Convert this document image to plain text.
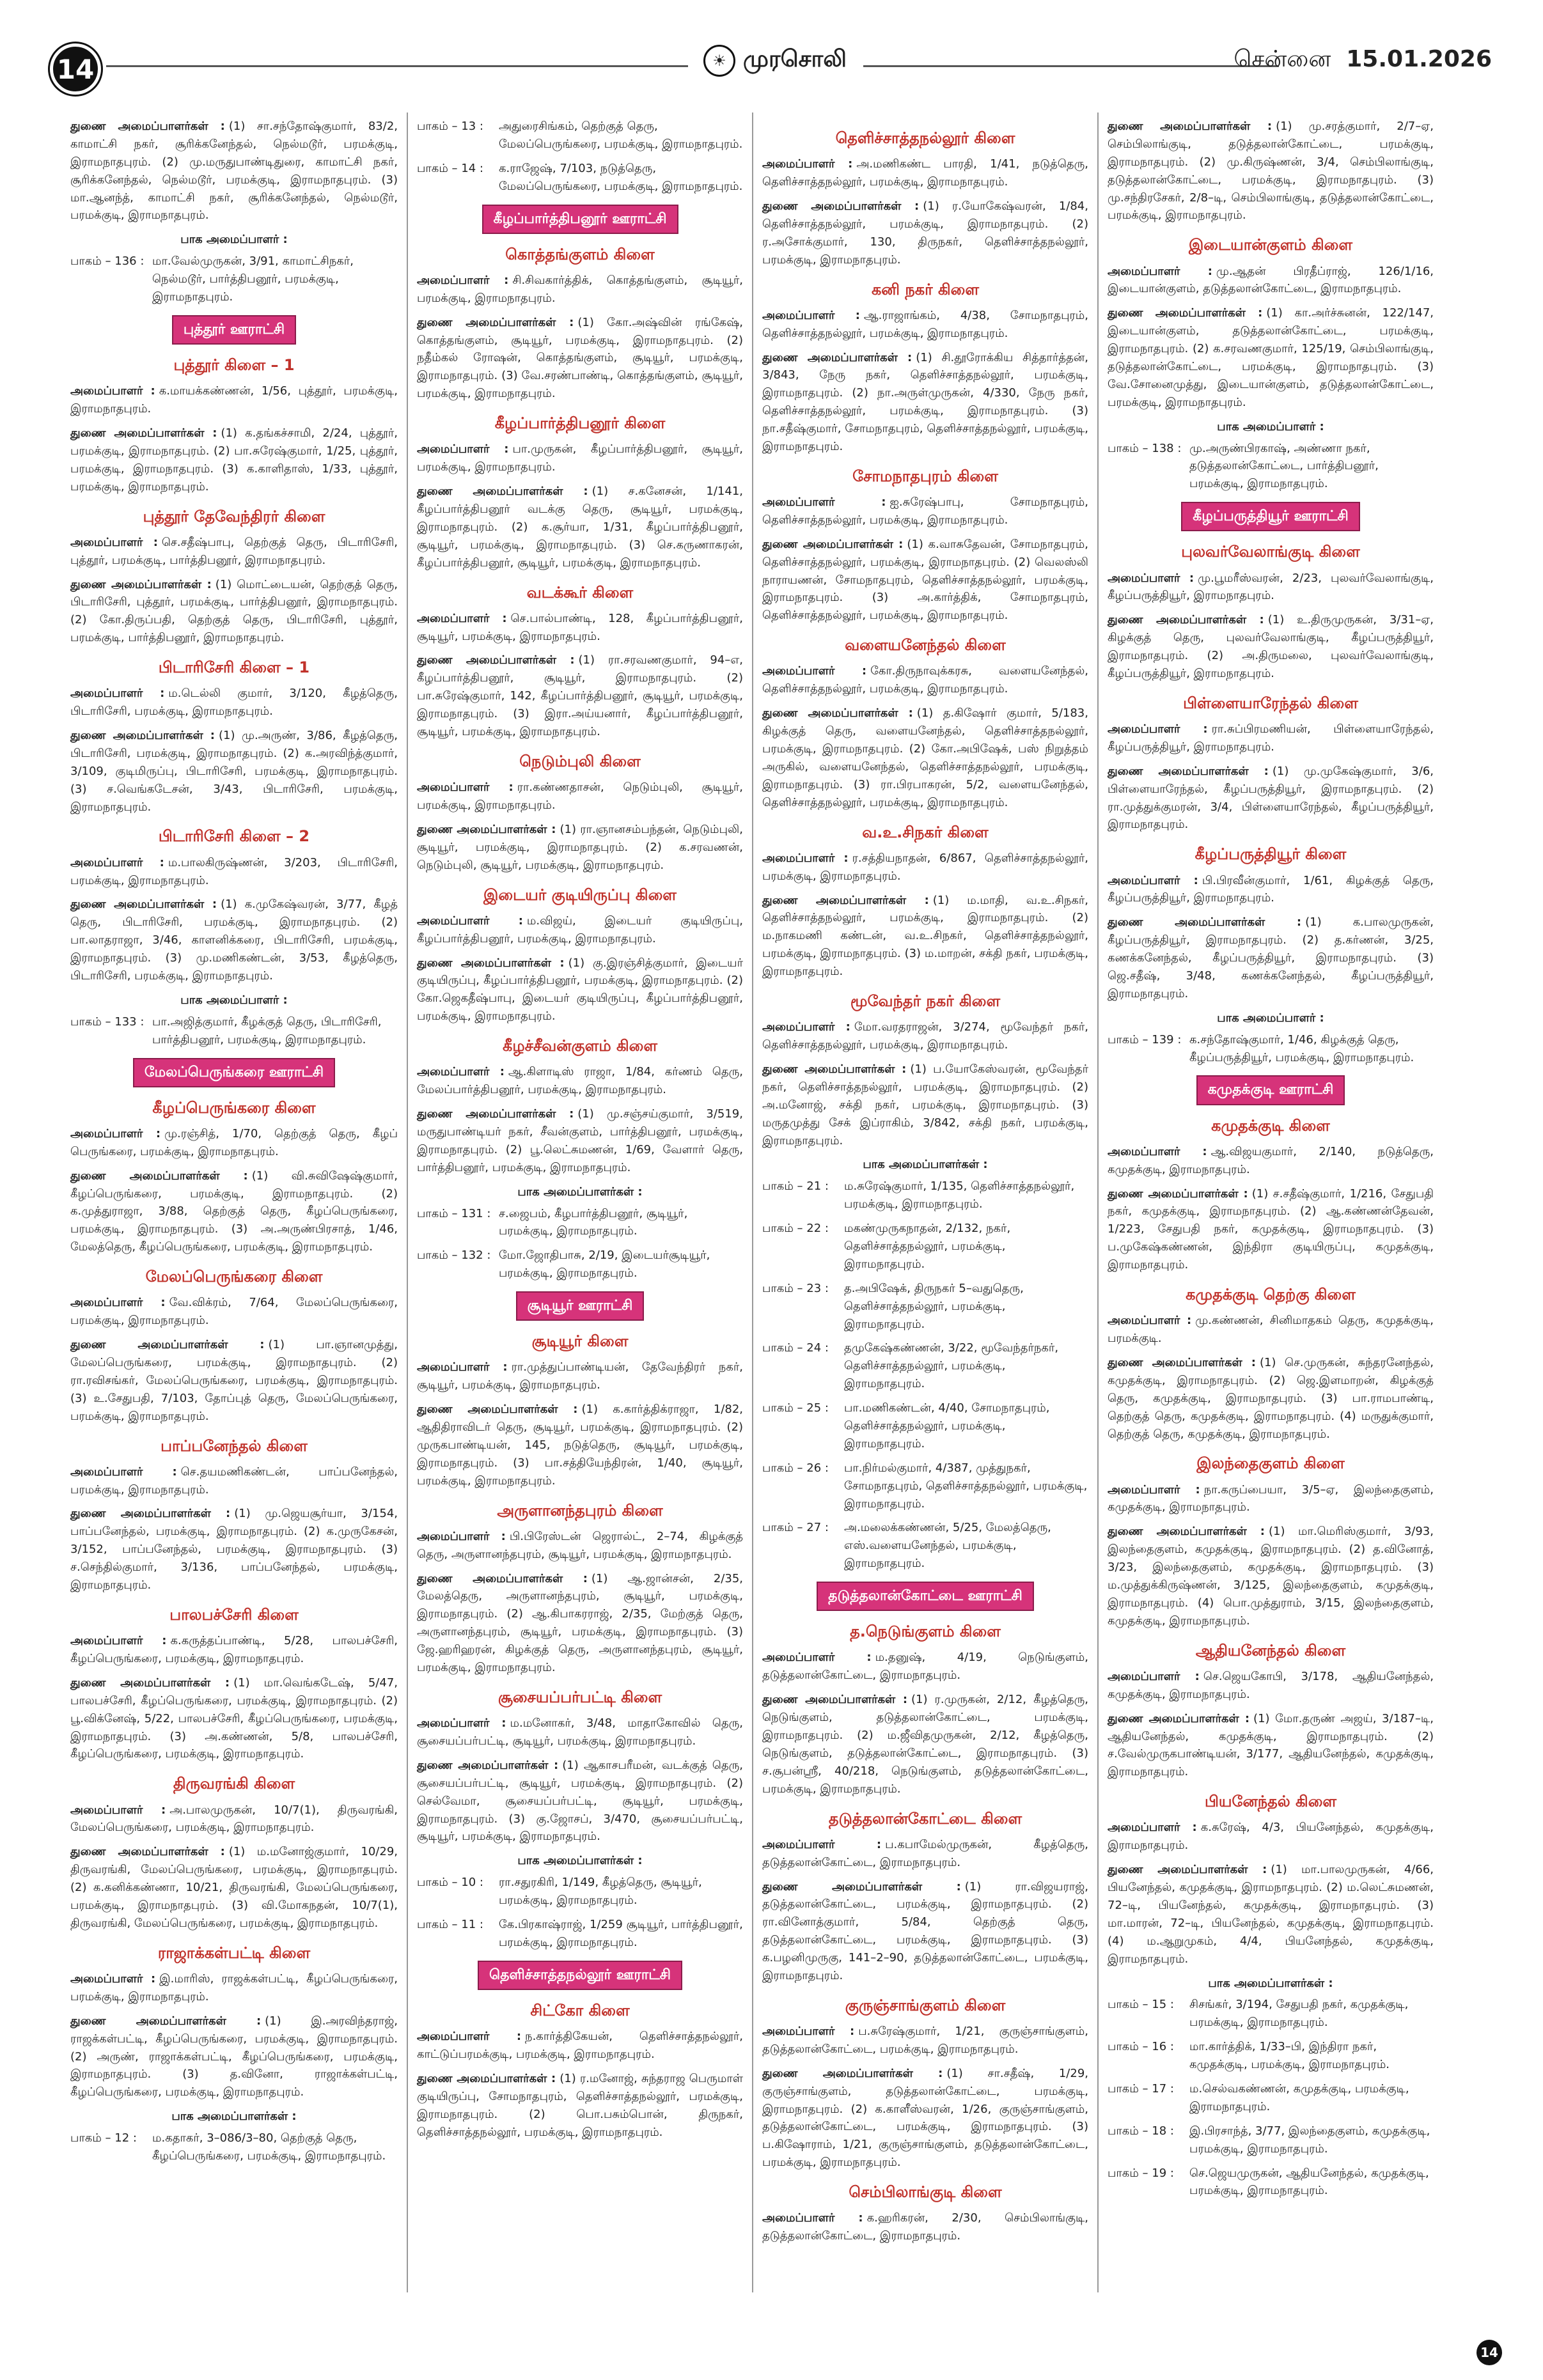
14	☀ முரசொலி	சென்னை 15.01.2026

துணை அமைப்பாளர்கள் : (1) சா.சந்தோஷ்குமார், 83/2, காமாட்சி நகர், சூரிக்கனேந்தல், நெல்மடூர், பரமக்குடி, இராமநாதபுரம். (2) மு.மருதுபாண்டிதுரை, காமாட்சி நகர், சூரிக்கனேந்தல், நெல்மடூர், பரமக்குடி, இராமநாதபுரம். (3) மா.ஆனந்த், காமாட்சி நகர், சூரிக்கனேந்தல், நெல்மடூர், பரமக்குடி, இராமநாதபுரம்.

பாக அமைப்பாளர் :
பாகம் – 136 : மா.வேல்முருகன், 3/91, காமாட்சிநகர், நெல்மடூர், பார்த்திபனூர், பரமக்குடி, இராமநாதபுரம்.
புத்தூர் ஊராட்சி
புத்தூர் கிளை – 1

அமைப்பாளர் : க.மாயக்கண்ணன், 1/56, புத்தூர், பரமக்குடி, இராமநாதபுரம்.

துணை அமைப்பாளர்கள் : (1) க.தங்கச்சாமி, 2/24, புத்தூர், பரமக்குடி, இராமநாதபுரம். (2) பா.சுரேஷ்குமார், 1/25, புத்தூர், பரமக்குடி, இராமநாதபுரம். (3) க.காளிதாஸ், 1/33, புத்தூர், பரமக்குடி, இராமநாதபுரம்.

புத்தூர் தேவேந்திரர் கிளை

அமைப்பாளர் : செ.சதீஷ்பாபு, தெற்குத் தெரு, பிடாரிசேரி, புத்தூர், பரமக்குடி, பார்த்திபனூர், இராமநாதபுரம்.

துணை அமைப்பாளர்கள் : (1) மொட்டையன், தெற்குத் தெரு, பிடாரிசேரி, புத்தூர், பரமக்குடி, பார்த்திபனூர், இராமநாதபுரம். (2) கோ.திருப்பதி, தெற்குத் தெரு, பிடாரிசேரி, புத்தூர், பரமக்குடி, பார்த்திபனூர், இராமநாதபுரம்.

பிடாரிசேரி கிளை – 1

அமைப்பாளர் : ம.டெல்லி குமார், 3/120, கீழத்தெரு, பிடாரிசேரி, பரமக்குடி, இராமநாதபுரம்.

துணை அமைப்பாளர்கள் : (1) மு.அருண், 3/86, கீழத்தெரு, பிடாரிசேரி, பரமக்குடி, இராமநாதபுரம். (2) க.அரவிந்த்குமார், 3/109, குடிமிருப்பு, பிடாரிசேரி, பரமக்குடி, இராமநாதபுரம். (3) ச.வெங்கடேசன், 3/43, பிடாரிசேரி, பரமக்குடி, இராமநாதபுரம்.

பிடாரிசேரி கிளை – 2

அமைப்பாளர் : ம.பாலகிருஷ்ணன், 3/203, பிடாரிசேரி, பரமக்குடி, இராமநாதபுரம்.

துணை அமைப்பாளர்கள் : (1) க.முகேஷ்வரன், 3/77, கீழத் தெரு, பிடாரிசேரி, பரமக்குடி, இராமநாதபுரம். (2) பா.லாதராஜா, 3/46, காளனிக்கரை, பிடாரிசேரி, பரமக்குடி, இராமநாதபுரம். (3) மு.மணிகண்டன், 3/53, கீழத்தெரு, பிடாரிசேரி, பரமக்குடி, இராமநாதபுரம்.

பாக அமைப்பாளர் :
பாகம் – 133 : பா.அஜித்குமார், கீழக்குத் தெரு, பிடாரிசேரி, பார்த்திபனூர், பரமக்குடி, இராமநாதபுரம்.
மேலப்பெருங்கரை ஊராட்சி
கீழப்பெருங்கரை கிளை

அமைப்பாளர் : மு.ரஞ்சித், 1/70, தெற்குத் தெரு, கீழப் பெருங்கரை, பரமக்குடி, இராமநாதபுரம்.

துணை அமைப்பாளர்கள் : (1) வி.சுவிஷேஷ்குமார், கீழப்பெருங்கரை, பரமக்குடி, இராமநாதபுரம். (2) க.முத்துராஜா, 3/88, தெற்குத் தெரு, கீழப்பெருங்கரை, பரமக்குடி, இராமநாதபுரம். (3) அ.அருண்பிரசாத், 1/46, மேலத்தெரு, கீழப்பெருங்கரை, பரமக்குடி, இராமநாதபுரம்.

மேலப்பெருங்கரை கிளை

அமைப்பாளர் : வே.விக்ரம், 7/64, மேலப்பெருங்கரை, பரமக்குடி, இராமநாதபுரம்.

துணை அமைப்பாளர்கள் : (1) பா.ஞானமுத்து, மேலப்பெருங்கரை, பரமக்குடி, இராமநாதபுரம். (2) ரா.ரவிசங்கர், மேலப்பெருங்கரை, பரமக்குடி, இராமநாதபுரம். (3) உ.சேதுபதி, 7/103, தோப்புத் தெரு, மேலப்பெருங்கரை, பரமக்குடி, இராமநாதபுரம்.

பாப்பனேந்தல் கிளை

அமைப்பாளர் : செ.தயமணிகண்டன், பாப்பனேந்தல், பரமக்குடி, இராமநாதபுரம்.

துணை அமைப்பாளர்கள் : (1) மு.ஜெயசூர்யா, 3/154, பாப்பனேந்தல், பரமக்குடி, இராமநாதபுரம். (2) க.முருகேசன், 3/152, பாப்பனேந்தல், பரமக்குடி, இராமநாதபுரம். (3) ச.செந்தில்குமார், 3/136, பாப்பனேந்தல், பரமக்குடி, இராமநாதபுரம்.

பாலபச்சேரி கிளை

அமைப்பாளர் : க.கருத்தப்பாண்டி, 5/28, பாலபச்சேரி, கீழப்பெருங்கரை, பரமக்குடி, இராமநாதபுரம்.

துணை அமைப்பாளர்கள் : (1) மா.வெங்கடேஷ், 5/47, பாலபச்சேரி, கீழப்பெருங்கரை, பரமக்குடி, இராமநாதபுரம். (2) பூ.விக்னேஷ், 5/22, பாலபச்சேரி, கீழப்பெருங்கரை, பரமக்குடி, இராமநாதபுரம். (3) அ.கண்ணன், 5/8, பாலபச்சேரி, கீழப்பெருங்கரை, பரமக்குடி, இராமநாதபுரம்.

திருவரங்கி கிளை

அமைப்பாளர் : அ.பாலமுருகன், 10/7(1), திருவரங்கி, மேலப்பெருங்கரை, பரமக்குடி, இராமநாதபுரம்.

துணை அமைப்பாளர்கள் : (1) ம.மனோஜ்குமார், 10/29, திருவரங்கி, மேலப்பெருங்கரை, பரமக்குடி, இராமநாதபுரம். (2) க.கனிக்கண்ணா, 10/21, திருவரங்கி, மேலப்பெருங்கரை, பரமக்குடி, இராமநாதபுரம். (3) வி.மோகநதன், 10/7(1), திருவரங்கி, மேலப்பெருங்கரை, பரமக்குடி, இராமநாதபுரம்.

ராஜாக்கள்பட்டி கிளை

அமைப்பாளர் : இ.மாரிஸ், ராஜக்கள்பட்டி, கீழப்பெருங்கரை, பரமக்குடி, இராமநாதபுரம்.

துணை அமைப்பாளர்கள் : (1) இ.அரவிந்தராஜ், ராஜக்கள்பட்டி, கீழப்பெருங்கரை, பரமக்குடி, இராமநாதபுரம். (2) அருண், ராஜாக்கள்பட்டி, கீழப்பெருங்கரை, பரமக்குடி, இராமநாதபுரம். (3) த.வினோ, ராஜாக்கள்பட்டி, கீழப்பெருங்கரை, பரமக்குடி, இராமநாதபுரம்.

பாக அமைப்பாளர்கள் :
பாகம் – 12 :	ம.கதாகர், 3–086/3–80, தெற்குத் தெரு, கீழப்பெருங்கரை, பரமக்குடி, இராமநாதபுரம்.
பாகம் – 13 :	அதுரைசிங்கம், தெற்குத் தெரு, மேலப்பெருங்கரை, பரமக்குடி, இராமநாதபுரம்.
பாகம் – 14 :	க.ராஜேஷ், 7/103, நடுத்தெரு, மேலப்பெருங்கரை, பரமக்குடி, இராமநாதபுரம்.
கீழப்பார்த்திபனூர் ஊராட்சி
கொத்தங்குளம் கிளை

அமைப்பாளர் : சி.சிவகார்த்திக், கொத்தங்குளம், சூடியூர், பரமக்குடி, இராமநாதபுரம்.

துணை அமைப்பாளர்கள் : (1) கோ.அஷ்வின் ரங்கேஷ், கொத்தங்குளம், சூடியூர், பரமக்குடி, இராமநாதபுரம். (2) நதீம்கல் ரோஷன், கொத்தங்குளம், சூடியூர், பரமக்குடி, இராமநாதபுரம். (3) வே.சரண்பாண்டி, கொத்தங்குளம், சூடியூர், பரமக்குடி, இராமநாதபுரம்.

கீழப்பார்த்திபனூர் கிளை

அமைப்பாளர் : பா.முருகன், கீழப்பார்த்திபனூர், சூடியூர், பரமக்குடி, இராமநாதபுரம்.

துணை அமைப்பாளர்கள் : (1) ச.கனேசன், 1/141, கீழப்பார்த்திபனூர் வடக்கு தெரு, சூடியூர், பரமக்குடி, இராமநாதபுரம். (2) க.சூர்யா, 1/31, கீழப்பார்த்திபனூர், சூடியூர், பரமக்குடி, இராமநாதபுரம். (3) செ.கருணாகரன், கீழப்பார்த்திபனூர், சூடியூர், பரமக்குடி, இராமநாதபுரம்.

வடக்கூர் கிளை

அமைப்பாளர் : செ.பால்பாண்டி, 128, கீழப்பார்த்திபனூர், சூடியூர், பரமக்குடி, இராமநாதபுரம்.

துணை அமைப்பாளர்கள் : (1) ரா.சரவணகுமார், 94–எ, கீழப்பார்த்திபனூர், சூடியூர், இராமநாதபுரம். (2) பா.சுரேஷ்குமார், 142, கீழப்பார்த்திபனூர், சூடியூர், பரமக்குடி, இராமநாதபுரம். (3) இரா.அய்யனார், கீழப்பார்த்திபனூர், சூடியூர், பரமக்குடி, இராமநாதபுரம்.

நெடும்புலி கிளை

அமைப்பாளர் : ரா.கண்ணதாசன், நெடும்புலி, சூடியூர், பரமக்குடி, இராமநாதபுரம்.

துணை அமைப்பாளர்கள் : (1) ரா.ஞானசம்பந்தன், நெடும்புலி, சூடியூர், பரமக்குடி, இராமநாதபுரம். (2) க.சரவணன், நெடும்புலி, சூடியூர், பரமக்குடி, இராமநாதபுரம்.

இடையர் குடியிருப்பு கிளை

அமைப்பாளர் : ம.விஜய், இடையர் குடியிருப்பு, கீழப்பார்த்திபனூர், பரமக்குடி, இராமநாதபுரம்.

துணை அமைப்பாளர்கள் : (1) கு.இரஞ்சித்குமார், இடையர் குடியிருப்பு, கீழப்பார்த்திபனூர், பரமக்குடி, இராமநாதபுரம். (2) கோ.ஜெகதீஷ்பாபு, இடையர் குடியிருப்பு, கீழப்பார்த்திபனூர், பரமக்குடி, இராமநாதபுரம்.

கீழச்சீவன்குளம் கிளை

அமைப்பாளர் : ஆ.கிளாடிஸ் ராஜா, 1/84, கர்ணம் தெரு, மேலப்பார்த்திபனூர், பரமக்குடி, இராமநாதபுரம்.

துணை அமைப்பாளர்கள் : (1) மு.சஞ்சய்குமார், 3/519, மருதுபாண்டியர் நகர், சீவன்குளம், பார்த்திபனூர், பரமக்குடி, இராமநாதபுரம். (2) பூ.லெட்சுமணன், 1/69, வேளார் தெரு, பார்த்திபனூர், பரமக்குடி, இராமநாதபுரம்.

பாக அமைப்பாளர்கள் :
பாகம் – 131 : ச.ஜைபம், கீழபார்த்திபனூர், சூடியூர், பரமக்குடி, இராமநாதபுரம்.
பாகம் – 132 : மோ.ஜோதிபாசு, 2/19, இடையர்சூடியூர், பரமக்குடி, இராமநாதபுரம்.
சூடியூர் ஊராட்சி
சூடியூர் கிளை

அமைப்பாளர் : ரா.முத்துப்பாண்டியன், தேவேந்திரர் நகர், சூடியூர், பரமக்குடி, இராமநாதபுரம்.

துணை அமைப்பாளர்கள் : (1) க.கார்த்திக்ராஜா, 1/82, ஆதிதிராவிடர் தெரு, சூடியூர், பரமக்குடி, இராமநாதபுரம். (2) முருகபாண்டியன், 145, நடுத்தெரு, சூடியூர், பரமக்குடி, இராமநாதபுரம். (3) பா.சத்தியேந்திரன், 1/40, சூடியூர், பரமக்குடி, இராமநாதபுரம்.

அருளானந்தபுரம் கிளை

அமைப்பாளர் : பி.பிரேஸ்டன் ஜெரால்ட், 2–74, கிழக்குத் தெரு, அருளானந்தபுரம், சூடியூர், பரமக்குடி, இராமநாதபுரம்.

துணை அமைப்பாளர்கள் : (1) ஆ.ஜான்சன், 2/35, மேலத்தெரு, அருளானந்தபுரம், சூடியூர், பரமக்குடி, இராமநாதபுரம். (2) ஆ.கிபாகரராஜ், 2/35, மேற்குத் தெரு, அருளானந்தபுரம், சூடியூர், பரமக்குடி, இராமநாதபுரம். (3) ஜே.ஹரிஹரன், கிழக்குத் தெரு, அருளானந்தபுரம், சூடியூர், பரமக்குடி, இராமநாதபுரம்.

சூசையப்பர்பட்டி கிளை

அமைப்பாளர் : ம.மனோகர், 3/48, மாதாகோவில் தெரு, சூசையப்பர்பட்டி, சூடியூர், பரமக்குடி, இராமநாதபுரம்.

துணை அமைப்பாளர்கள் : (1) ஆகாசபரீமன், வடக்குத் தெரு, சூசையப்பர்பட்டி, சூடியூர், பரமக்குடி, இராமநாதபுரம். (2) செல்வேமா, சூசையப்பர்பட்டி, சூடியூர், பரமக்குடி, இராமநாதபுரம். (3) கு.ஜோசப், 3/470, சூசையப்பர்பட்டி, சூடியூர், பரமக்குடி, இராமநாதபுரம்.

பாக அமைப்பாளர்கள் :
பாகம் – 10 :	ரா.சதுரகிரி, 1/149, கீழத்தெரு, சூடியூர், பரமக்குடி, இராமநாதபுரம்.
பாகம் – 11 :	கே.பிரகாஷ்ராஜ், 1/259 சூடியூர், பார்த்திபனூர், பரமக்குடி, இராமநாதபுரம்.
தெளிச்சாத்தநல்லூர் ஊராட்சி
சிட்கோ கிளை

அமைப்பாளர் : ந.கார்த்திகேயன், தெளிச்சாத்தநல்லூர், காட்டுப்பரமக்குடி, பரமக்குடி, இராமநாதபுரம்.

துணை அமைப்பாளர்கள் : (1) ர.மனோஜ், சுந்தராஜ பெருமாள் குடியிருப்பு, சோமநாதபுரம், தெளிச்சாத்தநல்லூர், பரமக்குடி, இராமநாதபுரம். (2) பொ.பசும்பொன், திருநகர், தெளிச்சாத்தநல்லூர், பரமக்குடி, இராமநாதபுரம்.

தெளிச்சாத்தநல்லூர் கிளை

அமைப்பாளர் : அ.மணிகண்ட பாரதி, 1/41, நடுத்தெரு, தெளிச்சாத்தநல்லூர், பரமக்குடி, இராமநாதபுரம்.

துணை அமைப்பாளர்கள் : (1) ர.யோகேஷ்வரன், 1/84, தெளிச்சாத்தநல்லூர், பரமக்குடி, இராமநாதபுரம். (2) ர.அசோக்குமார், 130, திருநகர், தெளிச்சாத்தநல்லூர், பரமக்குடி, இராமநாதபுரம்.

கனி நகர் கிளை

அமைப்பாளர் : ஆ.ராஜாங்கம், 4/38, சோமநாதபுரம், தெளிச்சாத்தநல்லூர், பரமக்குடி, இராமநாதபுரம்.

துணை அமைப்பாளர்கள் : (1) சி.தூரோக்கிய சித்தார்த்தன், 3/843, நேரு நகர், தெளிச்சாத்தநல்லூர், பரமக்குடி, இராமநாதபுரம். (2) நா.அருள்முருகன், 4/330, நேரு நகர், தெளிச்சாத்தநல்லூர், பரமக்குடி, இராமநாதபுரம். (3) நா.சதீஷ்குமார், சோமநாதபுரம், தெளிச்சாத்தநல்லூர், பரமக்குடி, இராமநாதபுரம்.

சோமநாதபுரம் கிளை

அமைப்பாளர் : ஐ.சுரேஷ்பாபு, சோமநாதபுரம், தெளிச்சாத்தநல்லூர், பரமக்குடி, இராமநாதபுரம்.

துணை அமைப்பாளர்கள் : (1) க.வாசுதேவன், சோமநாதபுரம், தெளிச்சாத்தநல்லூர், பரமக்குடி, இராமநாதபுரம். (2) வெலஸ்லி நாராயணன், சோமநாதபுரம், தெளிச்சாத்தநல்லூர், பரமக்குடி, இராமநாதபுரம். (3) அ.கார்த்திக், சோமநாதபுரம், தெளிச்சாத்தநல்லூர், பரமக்குடி, இராமநாதபுரம்.

வளையனேந்தல் கிளை

அமைப்பாளர் : கோ.திருநாவுக்கரசு, வளையனேந்தல், தெளிச்சாத்தநல்லூர், பரமக்குடி, இராமநாதபுரம்.

துணை அமைப்பாளர்கள் : (1) த.கிஷோர் குமார், 5/183, கிழக்குத் தெரு, வளையனேந்தல், தெளிச்சாத்தநல்லூர், பரமக்குடி, இராமநாதபுரம். (2) கோ.அபிஷேக், பஸ் நிறுத்தம் அருகில், வளையனேந்தல், தெளிச்சாத்தநல்லூர், பரமக்குடி, இராமநாதபுரம். (3) ரா.பிரபாகரன், 5/2, வளையனேந்தல், தெளிச்சாத்தநல்லூர், பரமக்குடி, இராமநாதபுரம்.

வ.உ.சிநகர் கிளை

அமைப்பாளர் : ர.சத்தியநாதன், 6/867, தெளிச்சாத்தநல்லூர், பரமக்குடி, இராமநாதபுரம்.

துணை அமைப்பாளர்கள் : (1) ம.மாதி, வ.உ.சிநகர், தெளிச்சாத்தநல்லூர், பரமக்குடி, இராமநாதபுரம். (2) ம.நாகமணி கண்டன், வ.உ.சிநகர், தெளிச்சாத்தநல்லூர், பரமக்குடி, இராமநாதபுரம். (3) ம.மாறன், சக்தி நகர், பரமக்குடி, இராமநாதபுரம்.

மூவேந்தர் நகர் கிளை

அமைப்பாளர் : மோ.வரதராஜன், 3/274, மூவேந்தர் நகர், தெளிச்சாத்தநல்லூர், பரமக்குடி, இராமநாதபுரம்.

துணை அமைப்பாளர்கள் : (1) ப.யோகேஸ்வரன், மூவேந்தர் நகர், தெளிச்சாத்தநல்லூர், பரமக்குடி, இராமநாதபுரம். (2) அ.மனோஜ், சக்தி நகர், பரமக்குடி, இராமநாதபுரம். (3) மருதமுத்து சேக் இப்ராகிம், 3/842, சக்தி நகர், பரமக்குடி, இராமநாதபுரம்.

பாக அமைப்பாளர்கள் :
பாகம் – 21 :	ம.சுரேஷ்குமார், 1/135, தெளிச்சாத்தநல்லூர், பரமக்குடி, இராமநாதபுரம்.
பாகம் – 22 :	மகண்முருகநாதன், 2/132, நகர், தெளிச்சாத்தநல்லூர், பரமக்குடி, இராமநாதபுரம்.
பாகம் – 23 :	த.அபிஷேக், திருநகர் 5–வதுதெரு, தெளிச்சாத்தநல்லூர், பரமக்குடி, இராமநாதபுரம்.
பாகம் – 24 :	தமுகேஷ்கண்ணன், 3/22, மூவேந்தர்நகர், தெளிச்சாத்தநல்லூர், பரமக்குடி, இராமநாதபுரம்.
பாகம் – 25 :	பா.மணிகண்டன், 4/40, சோமநாதபுரம், தெளிச்சாத்தநல்லூர், பரமக்குடி, இராமநாதபுரம்.
பாகம் – 26 :	பா.நிர்மல்குமார், 4/387, முத்துநகர், சோமநாதபுரம், தெளிச்சாத்தநல்லூர், பரமக்குடி, இராமநாதபுரம்.
பாகம் – 27 :	அ.மலைக்கண்ணன், 5/25, மேலத்தெரு, எஸ்.வளையனேந்தல், பரமக்குடி, இராமநாதபுரம்.
தடுத்தலான்கோட்டை ஊராட்சி
த.நெடுங்குளம் கிளை

அமைப்பாளர் : ம.தனுஷ், 4/19, நெடுங்குளம், தடுத்தலான்கோட்டை, இராமநாதபுரம்.

துணை அமைப்பாளர்கள் : (1) ர.முருகன், 2/12, கீழத்தெரு, நெடுங்குளம், தடுத்தலான்கோட்டை, பரமக்குடி, இராமநாதபுரம். (2) ம.ஜீவிதமுருகன், 2/12, கீழத்தெரு, நெடுங்குளம், தடுத்தலான்கோட்டை, இராமநாதபுரம். (3) ச.சூபன்ஸ்ரீ, 40/218, நெடுங்குளம், தடுத்தலான்கோட்டை, பரமக்குடி, இராமநாதபுரம்.

தடுத்தலான்கோட்டை கிளை

அமைப்பாளர் : ப.கபாமேல்முருகன், கீழத்தெரு, தடுத்தலான்கோட்டை, இராமநாதபுரம்.

துணை அமைப்பாளர்கள் : (1) ரா.விஜயராஜ், தடுத்தலான்கோட்டை, பரமக்குடி, இராமநாதபுரம். (2) ரா.வினோத்குமார், 5/84, தெற்குத் தெரு, தடுத்தலான்கோட்டை, பரமக்குடி, இராமநாதபுரம். (3) க.பழனிமுருகு, 141–2–90, தடுத்தலான்கோட்டை, பரமக்குடி, இராமநாதபுரம்.

குருஞ்சாங்குளம் கிளை

அமைப்பாளர் : ப.சுரேஷ்குமார், 1/21, குருஞ்சாங்குளம், தடுத்தலான்கோட்டை, பரமக்குடி, இராமநாதபுரம்.

துணை அமைப்பாளர்கள் : (1) சா.சதீஷ், 1/29, குருஞ்சாங்குளம், தடுத்தலான்கோட்டை, பரமக்குடி, இராமநாதபுரம். (2) க.காளீஸ்வரன், 1/26, குருஞ்சாங்குளம், தடுத்தலான்கோட்டை, பரமக்குடி, இராமநாதபுரம். (3) ப.கிஷோராம், 1/21, குருஞ்சாங்குளம், தடுத்தலான்கோட்டை, பரமக்குடி, இராமநாதபுரம்.

செம்பிலாங்குடி கிளை

அமைப்பாளர் : க.ஹரிகரன், 2/30, செம்பிலாங்குடி, தடுத்தலான்கோட்டை, இராமநாதபுரம்.

துணை அமைப்பாளர்கள் : (1) மு.சரத்குமார், 2/7–ஏ, செம்பிலாங்குடி, தடுத்தலான்கோட்டை, பரமக்குடி, இராமநாதபுரம். (2) மு.கிருஷ்ணன், 3/4, செம்பிலாங்குடி, தடுத்தலான்கோட்டை, பரமக்குடி, இராமநாதபுரம். (3) மு.சந்திரசேகர், 2/8–டி, செம்பிலாங்குடி, தடுத்தலான்கோட்டை, பரமக்குடி, இராமநாதபுரம்.

இடையான்குளம் கிளை

அமைப்பாளர் : மு.ஆதன் பிரதீப்ராஜ், 126/1/16, இடையான்குளம், தடுத்தலான்கோட்டை, இராமநாதபுரம்.

துணை அமைப்பாளர்கள் : (1) கா.அர்ச்சுனன், 122/147, இடையான்குளம், தடுத்தலான்கோட்டை, பரமக்குடி, இராமநாதபுரம். (2) க.சரவணகுமார், 125/19, செம்பிலாங்குடி, தடுத்தலான்கோட்டை, பரமக்குடி, இராமநாதபுரம். (3) வே.சோனைமுத்து, இடையான்குளம், தடுத்தலான்கோட்டை, பரமக்குடி, இராமநாதபுரம்.

பாக அமைப்பாளர் :
பாகம் – 138 : மு.அருண்பிரகாஷ், அண்ணா நகர், தடுத்தலான்கோட்டை, பார்த்திபனூர், பரமக்குடி, இராமநாதபுரம்.
கீழப்பருத்தியூர் ஊராட்சி
புலவர்வேலாங்குடி கிளை

அமைப்பாளர் : மு.பூமரீஸ்வரன், 2/23, புலவர்வேலாங்குடி, கீழப்பருத்தியூர், இராமநாதபுரம்.

துணை அமைப்பாளர்கள் : (1) உ.திருமுருகன், 3/31–ஏ, கிழக்குத் தெரு, புலவர்வேலாங்குடி, கீழப்பருத்தியூர், இராமநாதபுரம். (2) அ.திருமலை, புலவர்வேலாங்குடி, கீழப்பருத்தியூர், இராமநாதபுரம்.

பிள்ளையாரேந்தல் கிளை

அமைப்பாளர் : ரா.சுப்பிரமணியன், பிள்ளையாரேந்தல், கீழப்பருத்தியூர், இராமநாதபுரம்.

துணை அமைப்பாளர்கள் : (1) மு.முகேஷ்குமார், 3/6, பிள்ளையாரேந்தல், கீழப்பருத்தியூர், இராமநாதபுரம். (2) ரா.முத்துக்குமரன், 3/4, பிள்ளையாரேந்தல், கீழப்பருத்தியூர், இராமநாதபுரம்.

கீழப்பருத்தியூர் கிளை

அமைப்பாளர் : பி.பிரவீன்குமார், 1/61, கிழக்குத் தெரு, கீழப்பருத்தியூர், இராமநாதபுரம்.

துணை அமைப்பாளர்கள் : (1) க.பாலமுருகன், கீழப்பருத்தியூர், இராமநாதபுரம். (2) த.கர்ணன், 3/25, கணக்கனேந்தல், கீழப்பருத்தியூர், இராமநாதபுரம். (3) ஜெ.சதீஷ், 3/48, கணக்கனேந்தல், கீழப்பருத்தியூர், இராமநாதபுரம்.

பாக அமைப்பாளர் :
பாகம் – 139 : க.சந்தோஷ்குமார், 1/46, கிழக்குத் தெரு, கீழப்பருத்தியூர், பரமக்குடி, இராமநாதபுரம்.
கமுதக்குடி ஊராட்சி
கமுதக்குடி கிளை

அமைப்பாளர் : ஆ.விஜயகுமார், 2/140, நடுத்தெரு, கமுதக்குடி, இராமநாதபுரம்.

துணை அமைப்பாளர்கள் : (1) ச.சதீஷ்குமார், 1/216, சேதுபதி நகர், கமுதக்குடி, இராமநாதபுரம். (2) ஆ.கண்ணன்தேவன், 1/223, சேதுபதி நகர், கமுதக்குடி, இராமநாதபுரம். (3) ப.முகேஷ்கண்ணன், இந்திரா குடியிருப்பு, கமுதக்குடி, இராமநாதபுரம்.

கமுதக்குடி தெற்கு கிளை

அமைப்பாளர் : மு.கண்ணன், சினிமாதகம் தெரு, கமுதக்குடி, பரமக்குடி.

துணை அமைப்பாளர்கள் : (1) செ.முருகன், சுந்தரனேந்தல், கமுதக்குடி, இராமநாதபுரம். (2) ஜெ.இளமாறன், கிழக்குத் தெரு, கமுதக்குடி, இராமநாதபுரம். (3) பா.ராமபாண்டி, தெற்குத் தெரு, கமுதக்குடி, இராமநாதபுரம். (4) மருதுக்குமார், தெற்குத் தெரு, கமுதக்குடி, இராமநாதபுரம்.

இலந்தைகுளம் கிளை

அமைப்பாளர் : நா.கருப்பையா, 3/5–ஏ, இலந்தைகுளம், கமுதக்குடி, இராமநாதபுரம்.

துணை அமைப்பாளர்கள் : (1) மா.மெரிஸ்குமார், 3/93, இலந்தைகுளம், கமுதக்குடி, இராமநாதபுரம். (2) த.வினோத், 3/23, இலந்தைகுளம், கமுதக்குடி, இராமநாதபுரம். (3) ம.முத்துக்கிருஷ்ணன், 3/125, இலந்தைகுளம், கமுதக்குடி, இராமநாதபுரம். (4) பொ.முத்துராம், 3/15, இலந்தைகுளம், கமுதக்குடி, இராமநாதபுரம்.

ஆதியனேந்தல் கிளை

அமைப்பாளர் : செ.ஜெயகோபி, 3/178, ஆதியனேந்தல், கமுதக்குடி, இராமநாதபுரம்.

துணை அமைப்பாளர்கள் : (1) மோ.தருண் அஜய், 3/187–டி, ஆதியனேந்தல், கமுதக்குடி, இராமநாதபுரம். (2) ச.வேல்முருகபாண்டியன், 3/177, ஆதியனேந்தல், கமுதக்குடி, இராமநாதபுரம்.

பியனேந்தல் கிளை

அமைப்பாளர் : க.சுரேஷ், 4/3, பியனேந்தல், கமுதக்குடி, இராமநாதபுரம்.

துணை அமைப்பாளர்கள் : (1) மா.பாலமுருகன், 4/66, பியனேந்தல், கமுதக்குடி, இராமநாதபுரம். (2) ம.லெட்சுமணன், 72–டி, பியனேந்தல், கமுதக்குடி, இராமநாதபுரம். (3) மா.மாரன், 72–டி, பியனேந்தல், கமுதக்குடி, இராமநாதபுரம். (4) ம.ஆறுமுகம், 4/4, பியனேந்தல், கமுதக்குடி, இராமநாதபுரம்.

பாக அமைப்பாளர்கள் :
பாகம் – 15 :	சிசங்கர், 3/194, சேதுபதி நகர், கமுதக்குடி, பரமக்குடி, இராமநாதபுரம்.
பாகம் – 16 :	மா.கார்த்திக், 1/33–பி, இந்திரா நகர், கமுதக்குடி, பரமக்குடி, இராமநாதபுரம்.
பாகம் – 17 :	ம.செல்வகண்ணன், கமுதக்குடி, பரமக்குடி, இராமநாதபுரம்.
பாகம் – 18 :	இ.பிரசாந்த், 3/77, இலந்தைகுளம், கமுதக்குடி, பரமக்குடி, இராமநாதபுரம்.
பாகம் – 19 :	செ.ஜெயமுருகன், ஆதியனேந்தல், கமுதக்குடி, பரமக்குடி, இராமநாதபுரம்.
14
